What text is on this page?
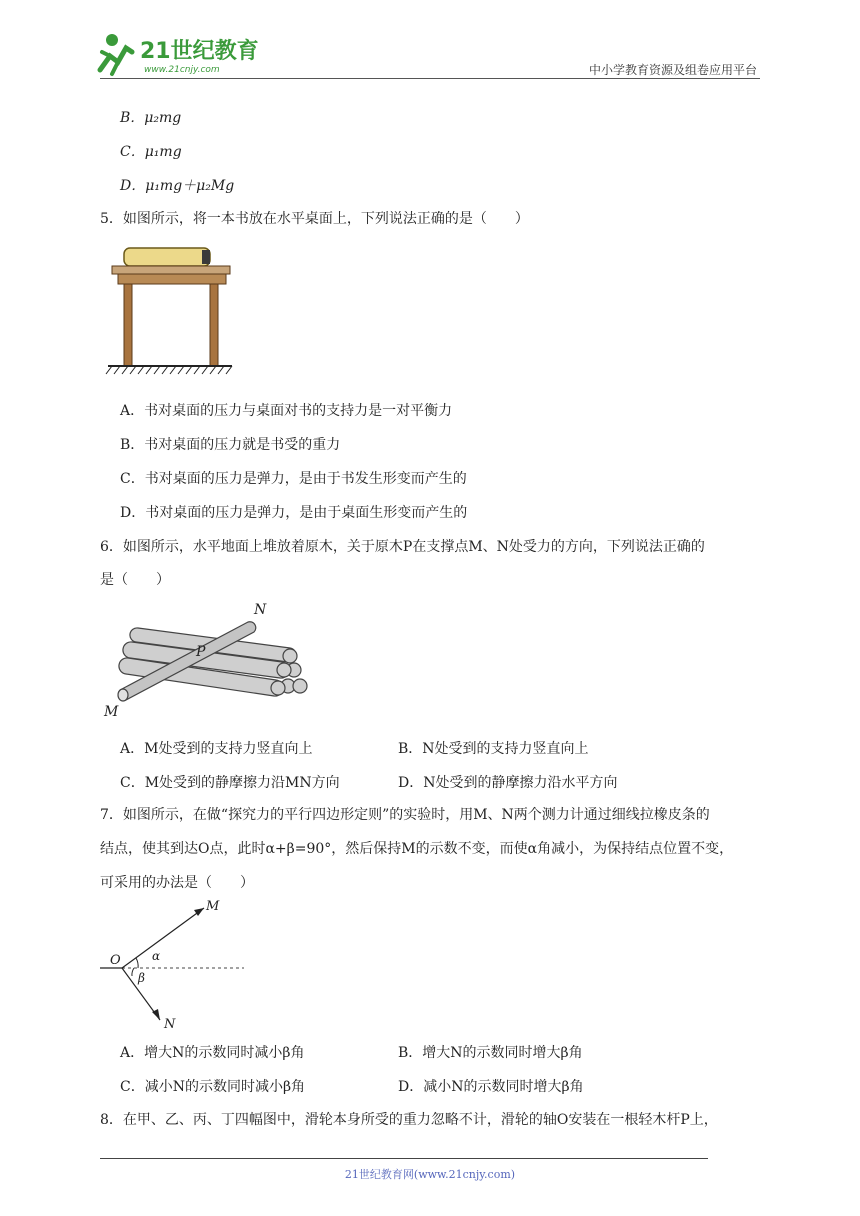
21世纪教育
www.21cnjy.com	中小学教育资源及组卷应用平台
B．μ₂mg
C．μ₁mg
D．μ₁mg＋μ₂Mg
5．如图所示，将一本书放在水平桌面上，下列说法正确的是（　　）
A．书对桌面的压力与桌面对书的支持力是一对平衡力
B．书对桌面的压力就是书受的重力
C．书对桌面的压力是弹力，是由于书发生形变而产生的
D．书对桌面的压力是弹力，是由于桌面生形变而产生的
6．如图所示，水平地面上堆放着原木，关于原木P在支撑点M、N处受力的方向，下列说法正确的
是（　　）
N
P
M
A．M处受到的支持力竖直向上	B．N处受到的支持力竖直向上
C．M处受到的静摩擦力沿MN方向	D．N处受到的静摩擦力沿水平方向
7．如图所示，在做“探究力的平行四边形定则”的实验时，用M、N两个测力计通过细线拉橡皮条的
结点，使其到达O点，此时α+β=90°，然后保持M的示数不变，而使α角减小，为保持结点位置不变，
可采用的办法是（　　）
O
M
N
α
β
A．增大N的示数同时减小β角	B．增大N的示数同时增大β角
C．减小N的示数同时减小β角	D．减小N的示数同时增大β角
8．在甲、乙、丙、丁四幅图中，滑轮本身所受的重力忽略不计，滑轮的轴O安装在一根轻木杆P上，
21世纪教育网(www.21cnjy.com)
